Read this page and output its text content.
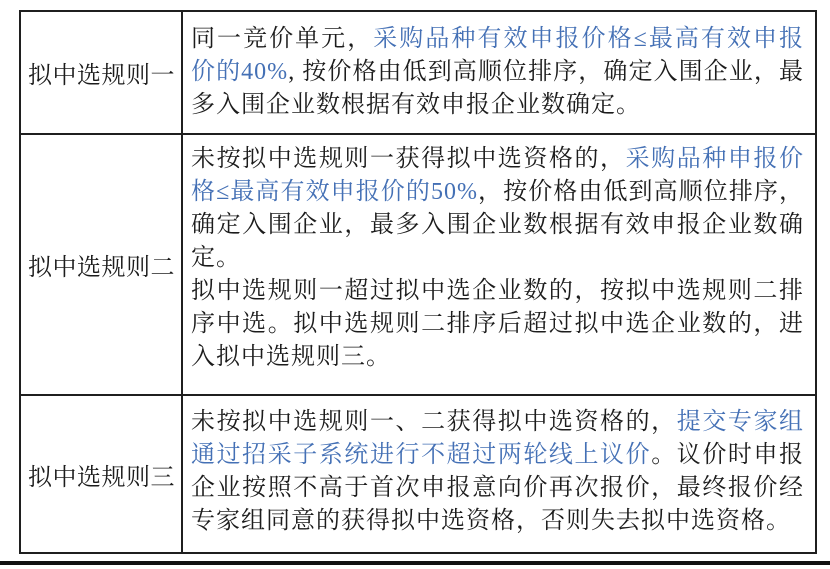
拟中选规则一

同一竞价单元，采购品种有效申报价格≤最高有效申报价的40%, 按价格由低到高顺位排序，确定入围企业，最多入围企业数根据有效申报企业数确定。

拟中选规则二

未按拟中选规则一获得拟中选资格的，采购品种申报价格≤最高有效申报价的50%，按价格由低到高顺位排序，确定入围企业，最多入围企业数根据有效申报企业数确定。

拟中选规则一超过拟中选企业数的，按拟中选规则二排序中选。拟中选规则二排序后超过拟中选企业数的，进入拟中选规则三。

拟中选规则三

未按拟中选规则一、二获得拟中选资格的，提交专家组通过招采子系统进行不超过两轮线上议价。议价时申报企业按照不高于首次申报意向价再次报价，最终报价经专家组同意的获得拟中选资格，否则失去拟中选资格。
